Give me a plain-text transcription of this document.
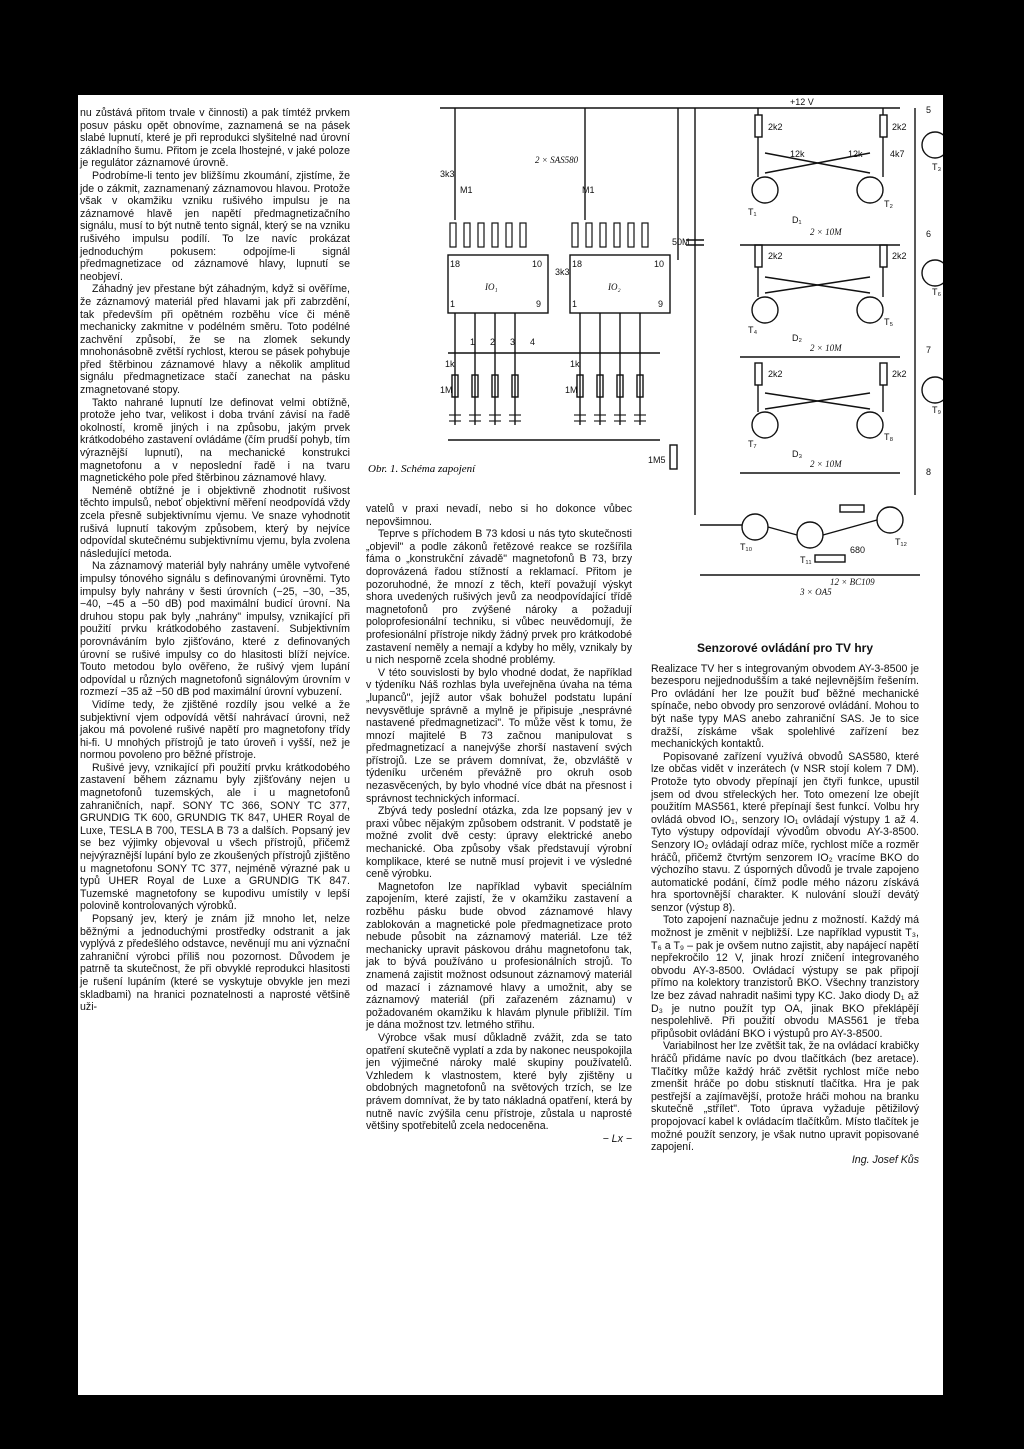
nu zůstává přitom trvale v činnosti) a pak tímtéž prvkem posuv pásku opět obnovíme, zaznamená se na pásek slabé lupnutí, které je při reprodukci slyšitelné nad úrovní základního šumu. Přitom je zcela lhostejné, v jaké poloze je regulátor záznamové úrovně.

Podrobíme-li tento jev bližšímu zkoumání, zjistíme, že jde o zákmit, zaznamenaný záznamovou hlavou. Protože však v okamžiku vzniku rušivého impulsu je na záznamové hlavě jen napětí předmagnetizačního signálu, musí to být nutně tento signál, který se na vzniku rušivého impulsu podílí. To lze navíc prokázat jednoduchým pokusem: odpojíme-li signál předmagnetizace od záznamové hlavy, lupnutí se neobjeví.

Záhadný jev přestane být záhadným, když si ověříme, že záznamový materiál před hlavami jak při zabrzdění, tak především při opětném rozběhu více či méně mechanicky zakmitne v podélném směru. Toto podélné zachvění způsobí, že se na zlomek sekundy mnohonásobně zvětší rychlost, kterou se pásek pohybuje před štěrbinou záznamové hlavy a několik amplitud signálu předmagnetizace stačí zanechat na pásku zmagnetované stopy.

Takto nahrané lupnutí lze definovat velmi obtížně, protože jeho tvar, velikost i doba trvání závisí na řadě okolností, kromě jiných i na způsobu, jakým prvek krátkodobého zastavení ovládáme (čím prudší pohyb, tím výraznější lupnutí), na mechanické konstrukci magnetofonu a v neposlední řadě i na tvaru magnetického pole před štěrbinou záznamové hlavy.

Neméně obtížné je i objektivně zhodnotit rušivost těchto impulsů, neboť objektivní měření neodpovídá vždy zcela přesně subjektivnímu vjemu. Ve snaze vyhodnotit rušivá lupnutí takovým způsobem, který by nejvíce odpovídal skutečnému subjektivnímu vjemu, byla zvolena následující metoda.

Na záznamový materiál byly nahrány uměle vytvořené impulsy tónového signálu s definovanými úrovněmi. Tyto impulsy byly nahrány v šesti úrovních (−25, −30, −35, −40, −45 a −50 dB) pod maximální budicí úrovní. Na druhou stopu pak byly „nahrány" impulsy, vznikající při použití prvku krátkodobého zastavení. Subjektivním porovnáváním bylo zjišťováno, které z definovaných úrovní se rušivé impulsy co do hlasitosti blíží nejvíce. Touto metodou bylo ověřeno, že rušivý vjem lupání odpovídal u různých magnetofonů signálovým úrovním v rozmezí −35 až −50 dB pod maximální úrovní vybuzení.

Vidíme tedy, že zjištěné rozdíly jsou velké a že subjektivní vjem odpovídá větší nahrávací úrovni, než jakou má povolené rušivé napětí pro magnetofony třídy hi-fi. U mnohých přístrojů je tato úroveň i vyšší, než je normou povoleno pro běžné přístroje.

Rušivé jevy, vznikající při použití prvku krátkodobého zastavení během záznamu byly zjišťovány nejen u magnetofonů tuzemských, ale i u magnetofonů zahraničních, např. SONY TC 366, SONY TC 377, GRUNDIG TK 600, GRUNDIG TK 847, UHER Royal de Luxe, TESLA B 700, TESLA B 73 a dalších. Popsaný jev se bez výjimky objevoval u všech přístrojů, přičemž nejvýraznější lupání bylo ze zkoušených přístrojů zjištěno u magnetofonu SONY TC 377, nejméně výrazné pak u typů UHER Royal de Luxe a GRUNDIG TK 847. Tuzemské magnetofony se kupodivu umístily v lepší polovině kontrolovaných výrobků.

Popsaný jev, který je znám již mnoho let, nelze běžnými a jednoduchými prostředky odstranit a jak vyplývá z předešlého odstavce, nevěnují mu ani význační zahraniční výrobci příliš nou pozornost. Důvodem je patrně ta skutečnost, že při obvyklé reprodukci hlasitosti je rušení lupáním (které se vyskytuje obvykle jen mezi skladbami) na hranici poznatelnosti a naprosté většině uži-

+12 V
2 × SAS580
3k3
M1	M1
3k3
50M
IO₁	IO₂
18	10
1	9
18	10
1	9
1 2 3 4
1k	1k
1M	1M
1M5
2k2	2k2
12k	12k	4k7
2 × 10M
2 × 10M
2 × 10M
2k2	2k2
2k2	2k2
T₁
T₂
T₃
T₄
T₅
T₆
T₇
T₈
T₉
T₁₀
T₁₁
T₁₂
D₁
D₂
D₃
5
6
7
8
680
12 × BC109
3 × OA5
Obr. 1. Schéma zapojení

vatelů v praxi nevadí, nebo si ho dokonce vůbec nepovšimnou.

Teprve s příchodem B 73 kdosi u nás tyto skutečnosti „objevil" a podle zákonů řetězové reakce se rozšířila fáma o „konstrukční závadě" magnetofonů B 73, brzy doprovázená řadou stížností a reklamací. Přitom je pozoruhodné, že mnozí z těch, kteří považují výskyt shora uvedených rušivých jevů za neodpovídající třídě magnetofonů pro zvýšené nároky a požadují poloprofesionální techniku, si vůbec neuvědomují, že profesionální přístroje nikdy žádný prvek pro krátkodobé zastavení neměly a nemají a kdyby ho měly, vznikaly by u nich nesporně zcela shodné problémy.

V této souvislosti by bylo vhodné dodat, že například v týdeníku Náš rozhlas byla uveřejněna úvaha na téma „lupanců", jejíž autor však bohužel podstatu lupání nevysvětluje správně a mylně je připisuje „nesprávné nastavené předmagnetizaci". To může věst k tomu, že mnozí majitelé B 73 začnou manipulovat s předmagnetizací a nanejvýše zhorší nastavení svých přístrojů. Lze se právem domnívat, že, obzvláště v týdeníku určeném převážně pro okruh osob nezasvěcených, by bylo vhodné více dbát na přesnost i správnost technických informací.

Zbývá tedy poslední otázka, zda lze popsaný jev v praxi vůbec nějakým způsobem odstranit. V podstatě je možné zvolit dvě cesty: úpravy elektrické anebo mechanické. Oba způsoby však představují výrobní komplikace, které se nutně musí projevit i ve výsledné ceně výrobku.

Magnetofon lze například vybavit speciálním zapojením, které zajistí, že v okamžiku zastavení a rozběhu pásku bude obvod záznamové hlavy zablokován a magnetické pole předmagnetizace proto nebude působit na záznamový materiál. Lze též mechanicky upravit páskovou dráhu magnetofonu tak, jak to bývá používáno u profesionálních strojů. To znamená zajistit možnost odsunout záznamový materiál od mazací i záznamové hlavy a umožnit, aby se záznamový materiál (při zařazeném záznamu) v požadovaném okamžiku k hlavám plynule přiblížil. Tím je dána možnost tzv. letmého střihu.

Výrobce však musí důkladně zvážit, zda se tato opatření skutečně vyplatí a zda by nakonec neuspokojila jen výjimečné nároky malé skupiny používatelů. Vzhledem k vlastnostem, které byly zjištěny u obdobných magnetofonů na světových trzích, se lze právem domnívat, že by tato nákladná opatření, která by nutně navíc zvýšila cenu přístroje, zůstala u naprosté většiny spotřebitelů zcela nedoceněna.

− Lx −

Senzorové ovládání pro TV hry

Realizace TV her s integrovaným obvodem AY-3-8500 je bezesporu nejjednodušším a také nejlevnějším řešením. Pro ovládání her lze použít buď běžné mechanické spínače, nebo obvody pro senzorové ovládání. Mohou to být naše typy MAS anebo zahraniční SAS. Je to sice dražší, získáme však spolehlivé zařízení bez mechanických kontaktů.

Popisované zařízení využívá obvodů SAS580, které lze občas vidět v inzerátech (v NSR stojí kolem 7 DM). Protože tyto obvody přepínají jen čtyři funkce, upustil jsem od dvou střeleckých her. Toto omezení lze obejít použitím MAS561, které přepínají šest funkcí. Volbu hry ovládá obvod IO₁, senzory IO₁ ovládají výstupy 1 až 4. Tyto výstupy odpovídají vývodům obvodu AY-3-8500. Senzory IO₂ ovládají odraz míče, rychlost míče a rozměr hráčů, přičemž čtvrtým senzorem IO₂ vracíme BKO do výchozího stavu. Z úsporných důvodů je trvale zapojeno automatické podání, čímž podle mého názoru získává hra sportovnější charakter. K nulování slouží devátý senzor (výstup 8).

Toto zapojení naznačuje jednu z možností. Každý má možnost je změnit v nejbližší. Lze například vypustit T₃, T₆ a T₉ – pak je ovšem nutno zajistit, aby napájecí napětí nepřekročilo 12 V, jinak hrozí zničení integrovaného obvodu AY-3-8500. Ovládací výstupy se pak připojí přímo na kolektory tranzistorů BKO. Všechny tranzistory lze bez závad nahradit našimi typy KC. Jako diody D₁ až D₃ je nutno použít typ OA, jinak BKO překlápějí nespolehlivě. Při použití obvodu MAS561 je třeba připůsobit ovládání BKO i výstupů pro AY-3-8500.

Variabilnost her lze zvětšit tak, že na ovládací krabičky hráčů přidáme navíc po dvou tlačítkách (bez aretace). Tlačítky může každý hráč zvětšit rychlost míče nebo zmenšit hráče po dobu stisknutí tlačítka. Hra je pak pestřejší a zajímavější, protože hráči mohou na branku skutečně „střílet". Toto úprava vyžaduje pětižilový propojovací kabel k ovládacím tlačítkům. Místo tlačítek je možné použít senzory, je však nutno upravit popisované zapojení.

Ing. Josef Kůs
